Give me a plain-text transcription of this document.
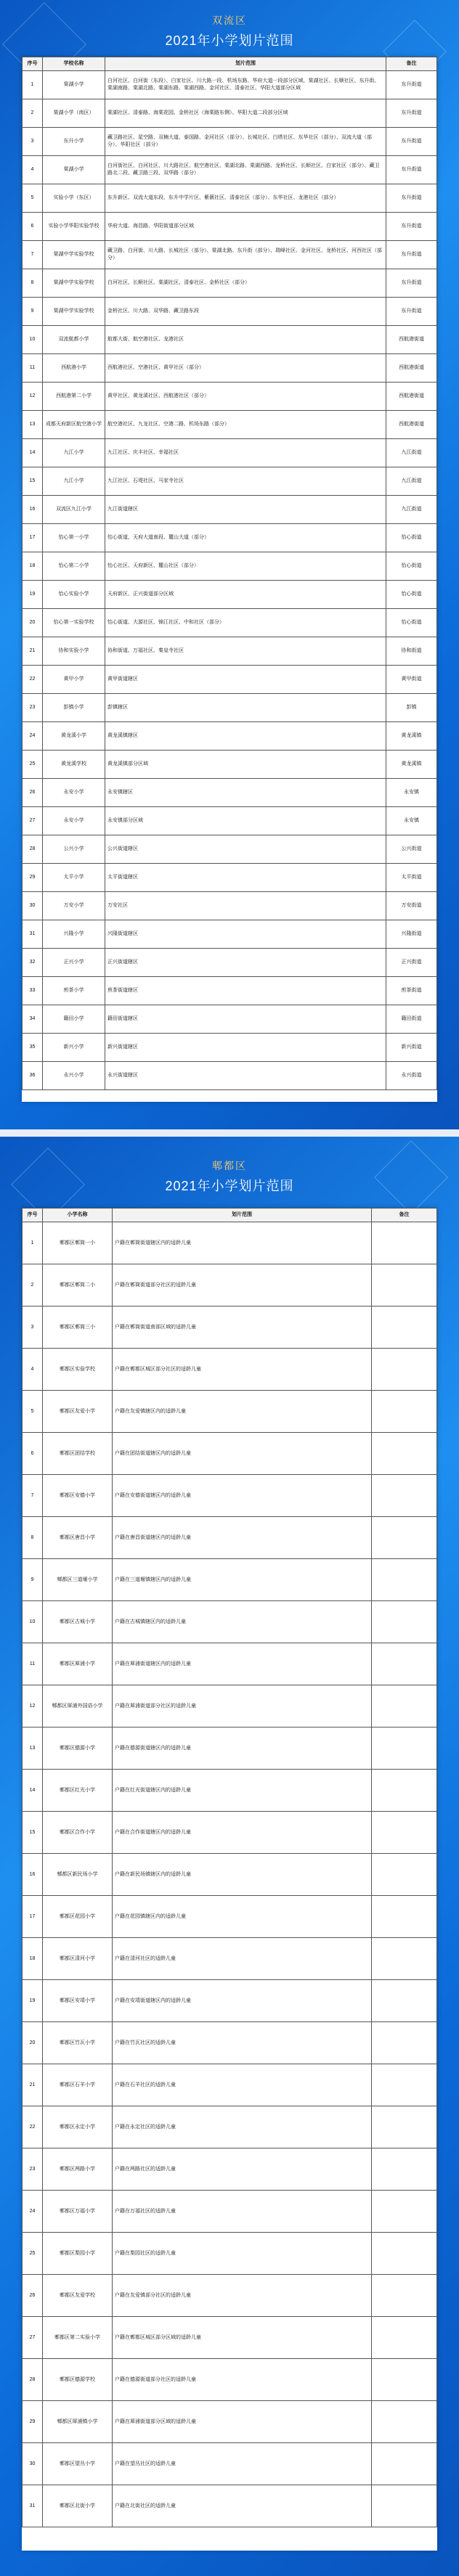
双流区
2021年小学划片范围
序号	学校名称	划片范围	备注
1	棠湖小学	白河社区、白河街（东段）、白家社区、川大路一段、机场东路、华府大道一段部分区域、棠湖社区、长顺社区、东升街、棠湖南路、棠湖北路、棠湖东路、棠湖西路、金河社区、清泰社区、华阳大道部分区域	东升街道
2	棠湖小学（南区）	棠湖社区、清泰路、海棠花园、金桥社区（海棠路东侧）、华阳大道二段部分区域	东升街道
3	东升小学	藏卫路社区、星空路、双楠大道、泰国路、金河社区（部分）、长城社区、白塔社区、东华社区（部分）、双流大道（部分）、华阳社区（部分）	东升街道
4	棠湖小学	白河街社区、白河社区、川大路社区、航空港社区、棠湖北路、棠湖西路、龙桥社区、长顺社区、白家社区（部分）、藏卫路北二段、藏卫路三段、双华路（部分）	东升街道
5	实验小学（东区）	东升新区、双流大道东段、东升中学片区、紫薇社区、清泰社区（部分）、东华社区、龙港社区（部分）	东升街道
6	实验小学华阳实验学校	华府大道、海昌路、华阳街道部分区域	东升街道
7	棠湖中学实验学校	藏卫路、白河街、川大路、长城社区（部分）、棠湖北路、东升街（部分）、瑞峰社区、金河社区、龙桥社区、河西社区（部分）	东升街道
8	棠湖中学实验学校	白河社区、长顺社区、棠湖社区、清泰社区、金桥社区（部分）	东升街道
9	棠湖中学实验学校	金桥社区、川大路、双华路、藏卫路东段	东升街道
10	双流航都小学	航都大街、航空港社区、龙港社区	西航港街道
11	西航港小学	西航港社区、空港社区、黄甲社区（部分）	西航港街道
12	西航港第二小学	黄甲社区、黄龙溪社区、西航港社区（部分）	西航港街道
13	成都天府新区航空港小学	航空港社区、九龙社区、空港二路、机场东路（部分）	西航港街道
14	九江小学	九江社区、庆丰社区、幸福社区	九江街道
15	九江小学	九江社区、石堤社区、马家寺社区	九江街道
16	双流区九江小学	九江街道辖区	九江街道
17	怡心第一小学	怡心街道、天府大道南段、麓山大道（部分）	怡心街道
18	怡心第二小学	怡心社区、天府新区、麓山社区（部分）	怡心街道
19	怡心实验小学	天府新区、正兴街道部分区域	怡心街道
20	怡心第一实验学校	怡心街道、大源社区、锦江社区、中和社区（部分）	怡心街道
21	协和实验小学	协和街道、万福社区、秦皇寺社区	协和街道
22	黄甲小学	黄甲街道辖区	黄甲街道
23	彭镇小学	彭镇辖区	彭镇
24	黄龙溪小学	黄龙溪镇辖区	黄龙溪镇
25	黄龙溪学校	黄龙溪镇部分区域	黄龙溪镇
26	永安小学	永安镇辖区	永安镇
27	永安小学	永安镇部分区域	永安镇
28	公兴小学	公兴街道辖区	公兴街道
29	太平小学	太平街道辖区	太平街道
30	万安小学	万安社区	万安街道
31	兴隆小学	兴隆街道辖区	兴隆街道
32	正兴小学	正兴街道辖区	正兴街道
33	煎茶小学	煎茶街道辖区	煎茶街道
34	籍田小学	籍田街道辖区	籍田街道
35	新兴小学	新兴街道辖区	新兴街道
36	永兴小学	永兴街道辖区	永兴街道
郫都区
2021年小学划片范围
序号	小学名称	划片范围	备注
1	郫都区郫筒一小	户籍在郫筒街道辖区内的适龄儿童	
2	郫都区郫筒二小	户籍在郫筒街道部分社区的适龄儿童	
3	郫都区郫筒三小	户籍在郫筒街道南部区域的适龄儿童	
4	郫都区实验学校	户籍在郫都区城区部分社区的适龄儿童	
5	郫都区友爱小学	户籍在友爱镇辖区内的适龄儿童	
6	郫都区团结学校	户籍在团结街道辖区内的适龄儿童	
7	郫都区安德小学	户籍在安德街道辖区内的适龄儿童	
8	郫都区唐昌小学	户籍在唐昌街道辖区内的适龄儿童	
9	郫都区三道堰小学	户籍在三道堰镇辖区内的适龄儿童	
10	郫都区古城小学	户籍在古城镇辖区内的适龄儿童	
11	郫都区犀浦小学	户籍在犀浦街道辖区内的适龄儿童	
12	郫都区犀浦外国语小学	户籍在犀浦街道部分社区的适龄儿童	
13	郫都区德源小学	户籍在德源街道辖区内的适龄儿童	
14	郫都区红光小学	户籍在红光街道辖区内的适龄儿童	
15	郫都区合作小学	户籍在合作街道辖区内的适龄儿童	
16	郫都区新民场小学	户籍在新民场镇辖区内的适龄儿童	
17	郫都区花园小学	户籍在花园镇辖区内的适龄儿童	
18	郫都区清河小学	户籍在清河社区的适龄儿童	
19	郫都区安靖小学	户籍在安靖街道辖区内的适龄儿童	
20	郫都区竹瓦小学	户籍在竹瓦社区的适龄儿童	
21	郫都区石羊小学	户籍在石羊社区的适龄儿童	
22	郫都区永定小学	户籍在永定社区的适龄儿童	
23	郫都区两路小学	户籍在两路社区的适龄儿童	
24	郫都区万福小学	户籍在万福社区的适龄儿童	
25	郫都区梨园小学	户籍在梨园社区的适龄儿童	
26	郫都区友爱学校	户籍在友爱镇部分社区的适龄儿童	
27	郫都区第二实验小学	户籍在郫都区城区部分区域的适龄儿童	
28	郫都区德源学校	户籍在德源街道部分社区的适龄儿童	
29	郫都区犀浦镇小学	户籍在犀浦街道部分区域的适龄儿童	
30	郫都区望丛小学	户籍在望丛社区的适龄儿童	
31	郫都区北街小学	户籍在北街社区的适龄儿童	
